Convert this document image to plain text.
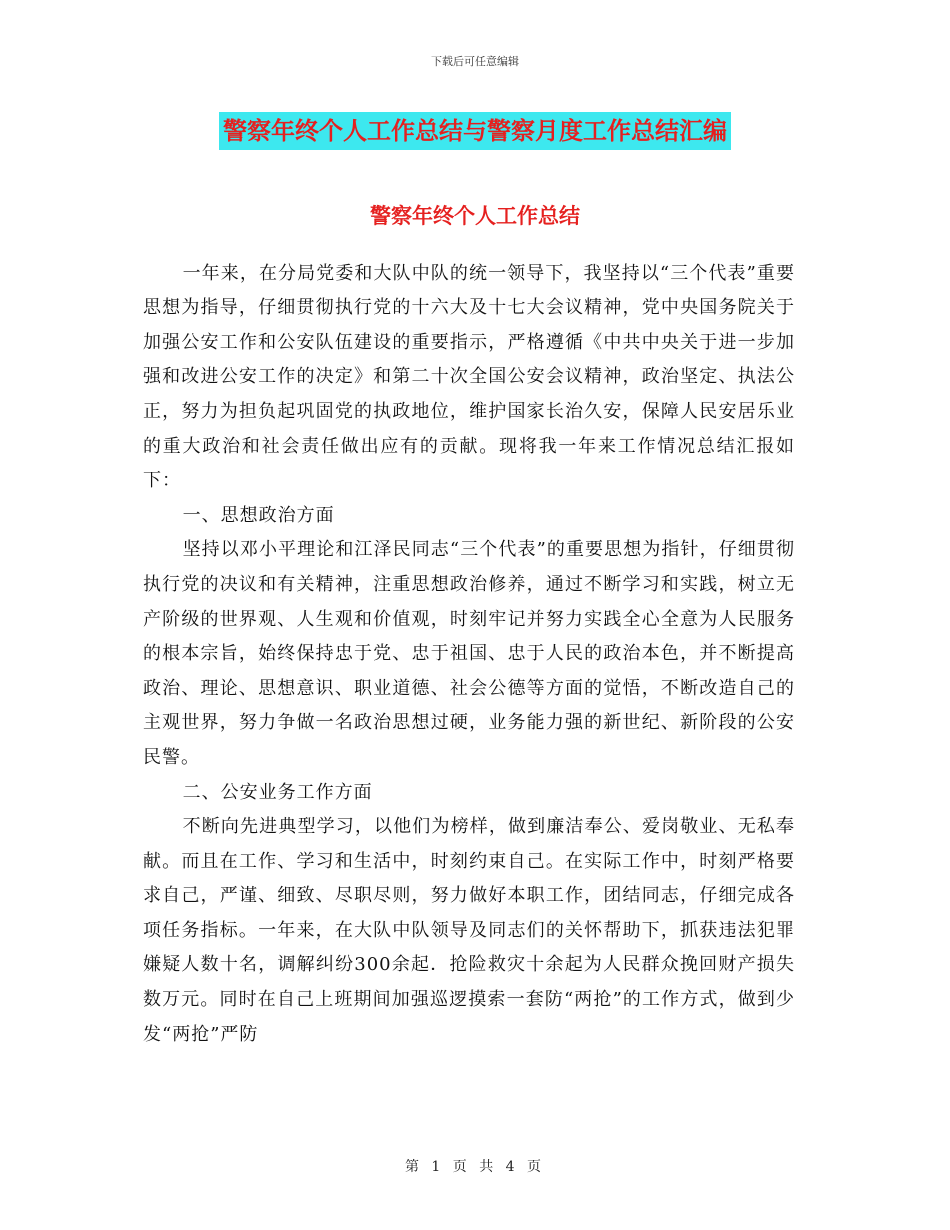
下载后可任意编辑
警察年终个人工作总结与警察月度工作总结汇编
警察年终个人工作总结

一年来，在分局党委和大队中队的统一领导下，我坚持以“三个代表”重要思想为指导，仔细贯彻执行党的十六大及十七大会议精神，党中央国务院关于加强公安工作和公安队伍建设的重要指示，严格遵循《中共中央关于进一步加强和改进公安工作的决定》和第二十次全国公安会议精神，政治坚定、执法公正，努力为担负起巩固党的执政地位，维护国家长治久安，保障人民安居乐业的重大政治和社会责任做出应有的贡献。现将我一年来工作情况总结汇报如下：

一、思想政治方面

坚持以邓小平理论和江泽民同志“三个代表”的重要思想为指针，仔细贯彻执行党的决议和有关精神，注重思想政治修养，通过不断学习和实践，树立无产阶级的世界观、人生观和价值观，时刻牢记并努力实践全心全意为人民服务的根本宗旨，始终保持忠于党、忠于祖国、忠于人民的政治本色，并不断提高政治、理论、思想意识、职业道德、社会公德等方面的觉悟，不断改造自己的主观世界，努力争做一名政治思想过硬，业务能力强的新世纪、新阶段的公安民警。

二、公安业务工作方面

不断向先进典型学习，以他们为榜样，做到廉洁奉公、爱岗敬业、无私奉献。而且在工作、学习和生活中，时刻约束自己。在实际工作中，时刻严格要求自己，严谨、细致、尽职尽则，努力做好本职工作，团结同志，仔细完成各项任务指标。一年来，在大队中队领导及同志们的关怀帮助下，抓获违法犯罪嫌疑人数十名，调解纠纷300余起．抢险救灾十余起为人民群众挽回财产损失数万元。同时在自己上班期间加强巡逻摸索一套防“两抢”的工作方式，做到少发“两抢”严防

第 1 页 共 4 页
